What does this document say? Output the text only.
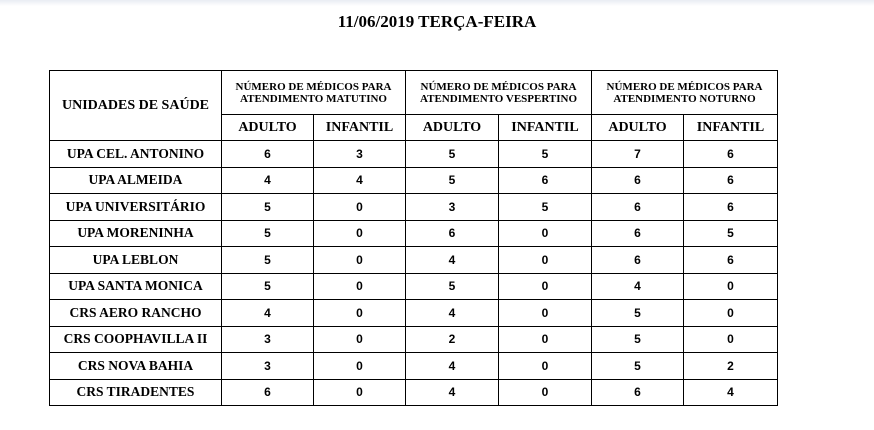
11/06/2019 TERÇA-FEIRA
UNIDADES DE SAÚDE	NÚMERO DE MÉDICOS PARA ATENDIMENTO MATUTINO		NÚMERO DE MÉDICOS PARA ATENDIMENTO VESPERTINO		NÚMERO DE MÉDICOS PARA ATENDIMENTO NOTURNO	
	ADULTO	INFANTIL	ADULTO	INFANTIL	ADULTO	INFANTIL
UPA CEL. ANTONINO	6	3	5	5	7	6
UPA ALMEIDA	4	4	5	6	6	6
UPA UNIVERSITÁRIO	5	0	3	5	6	6
UPA MORENINHA	5	0	6	0	6	5
UPA LEBLON	5	0	4	0	6	6
UPA SANTA MONICA	5	0	5	0	4	0
CRS AERO RANCHO	4	0	4	0	5	0
CRS COOPHAVILLA II	3	0	2	0	5	0
CRS NOVA BAHIA	3	0	4	0	5	2
CRS TIRADENTES	6	0	4	0	6	4
